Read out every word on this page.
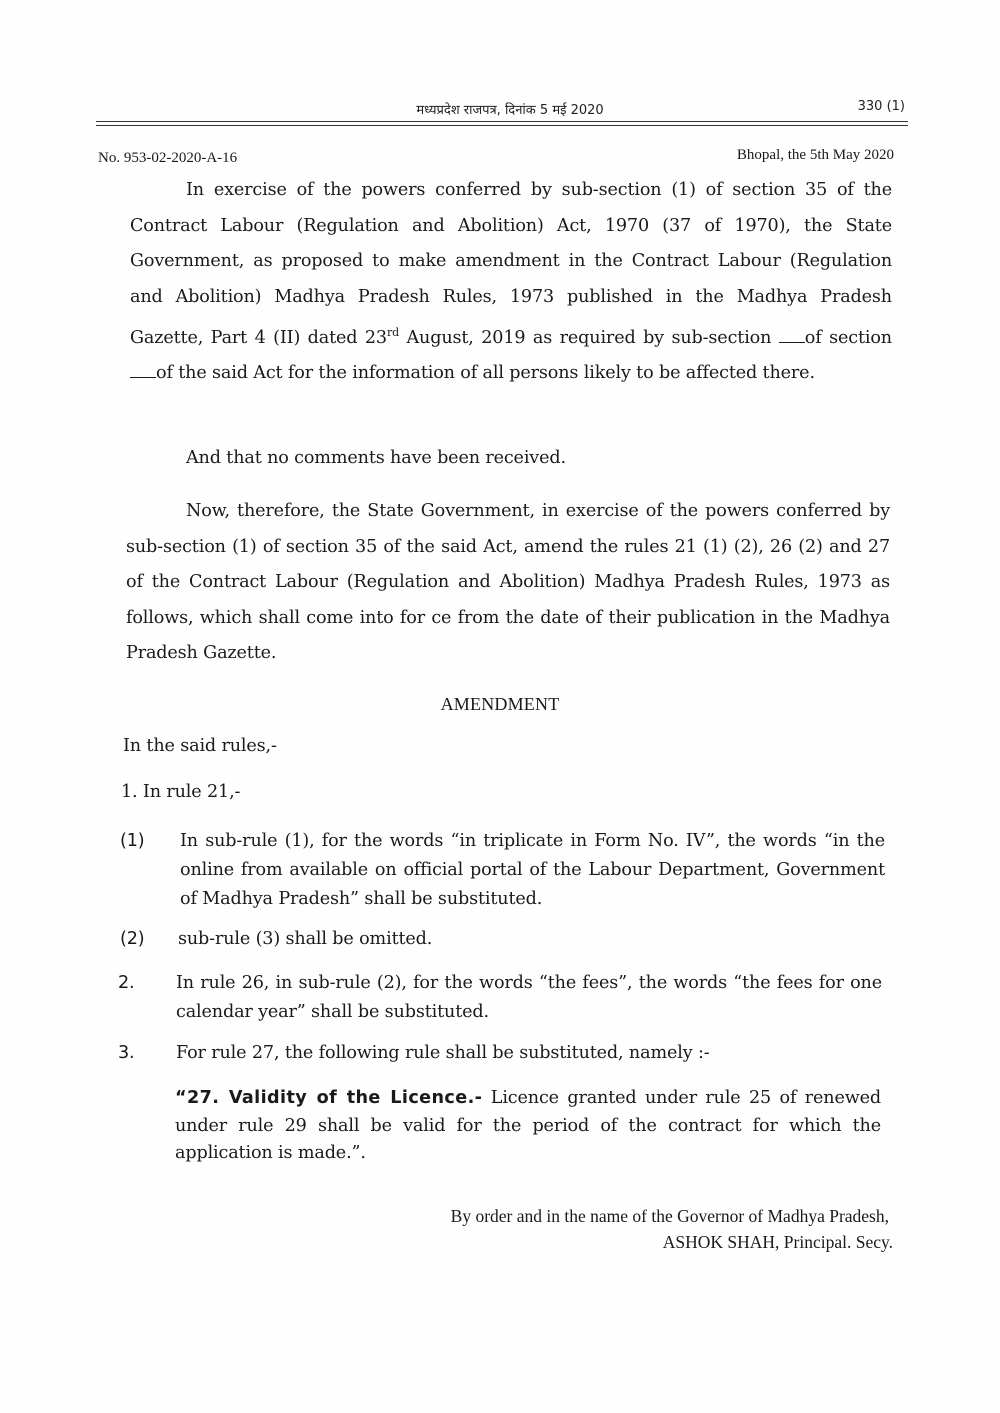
मध्यप्रदेश राजपत्र, दिनांक 5 मई 2020	330 (1)
No. 953-02-2020-A-16	Bhopal, the 5th May 2020
In exercise of the powers conferred by sub-section (1) of section 35 of the Contract Labour (Regulation and Abolition) Act, 1970 (37 of 1970), the State Government, as proposed to make amendment in the Contract Labour (Regulation and Abolition) Madhya Pradesh Rules, 1973 published in the Madhya Pradesh Gazette, Part 4 (II) dated 23rd August, 2019 as required by sub-section of section of the said Act for the information of all persons likely to be affected there.
And that no comments have been received.
Now, therefore, the State Government, in exercise of the powers conferred by sub-section (1) of section 35 of the said Act, amend the rules 21 (1) (2), 26 (2) and 27 of the Contract Labour (Regulation and Abolition) Madhya Pradesh Rules, 1973 as follows, which shall come into for ce from the date of their publication in the Madhya Pradesh Gazette.
AMENDMENT
In the said rules,-
1. In rule 21,-
(1) In sub-rule (1), for the words “in triplicate in Form No. IV”, the words “in the online from available on official portal of the Labour Department, Government of Madhya Pradesh” shall be substituted.
(2) sub-rule (3) shall be omitted.
2. In rule 26, in sub-rule (2), for the words “the fees”, the words “the fees for one calendar year” shall be substituted.
3. For rule 27, the following rule shall be substituted, namely :-
“27. Validity of the Licence.- Licence granted under rule 25 of renewed under rule 29 shall be valid for the period of the contract for which the application is made.”.
By order and in the name of the Governor of Madhya Pradesh,
ASHOK SHAH, Principal. Secy.
